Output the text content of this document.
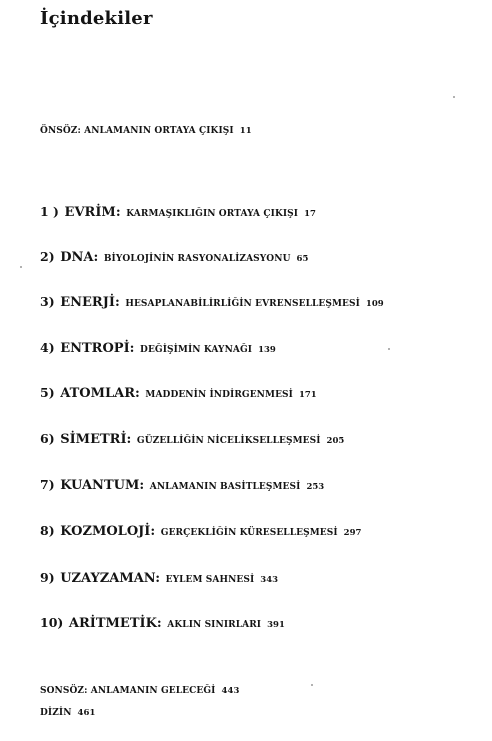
İçindekiler
ÖNSÖZ: ANLAMANIN ORTAYA ÇIKIŞI 11
1 ) EVRİM: KARMAŞIKLIĞIN ORTAYA ÇIKIŞI 17
2) DNA: BİYOLOJİNİN RASYONALİZASYONU 65
3) ENERJİ: HESAPLANABİLİRLİĞİN EVRENSELLEŞMESİ 109
4) ENTROPİ: DEĞİŞİMİN KAYNAĞI 139
5) ATOMLAR: MADDENİN İNDİRGENMESİ 171
6) SİMETRİ: GÜZELLİĞİN NİCELİKSELLEŞMESİ 205
7) KUANTUM: ANLAMANIN BASİTLEŞMESİ 253
8) KOZMOLOJİ: GERÇEKLİĞİN KÜRESELLEŞMESİ 297
9) UZAYZAMAN: EYLEM SAHNESİ 343
10) ARİTMETİK: AKLIN SINIRLARI 391
SONSÖZ: ANLAMANIN GELECEĞİ 443
DİZİN 461
